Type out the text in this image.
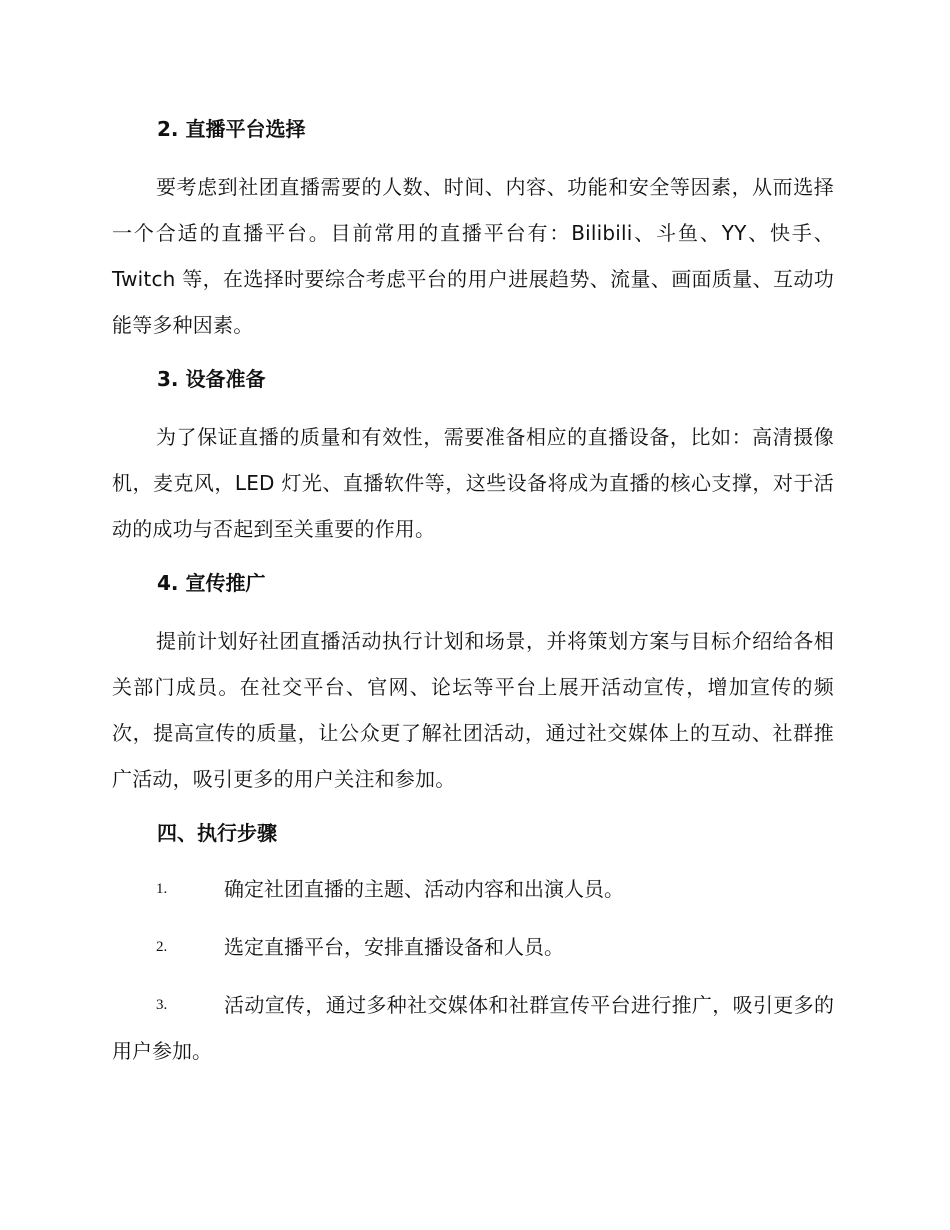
2. 直播平台选择

要考虑到社团直播需要的人数、时间、内容、功能和安全等因素，从而选择一个合适的直播平台。目前常用的直播平台有：Bilibili、斗鱼、YY、快手、Twitch 等，在选择时要综合考虑平台的用户进展趋势、流量、画面质量、互动功能等多种因素。

3. 设备准备

为了保证直播的质量和有效性，需要准备相应的直播设备，比如：高清摄像机，麦克风，LED 灯光、直播软件等，这些设备将成为直播的核心支撑，对于活动的成功与否起到至关重要的作用。

4. 宣传推广

提前计划好社团直播活动执行计划和场景，并将策划方案与目标介绍给各相关部门成员。在社交平台、官网、论坛等平台上展开活动宣传，增加宣传的频次，提高宣传的质量，让公众更了解社团活动，通过社交媒体上的互动、社群推广活动，吸引更多的用户关注和参加。

四、执行步骤
1.	确定社团直播的主题、活动内容和出演人员。
2.	选定直播平台，安排直播设备和人员。
3.	活动宣传，通过多种社交媒体和社群宣传平台进行推广，吸引更多的用户参加。
